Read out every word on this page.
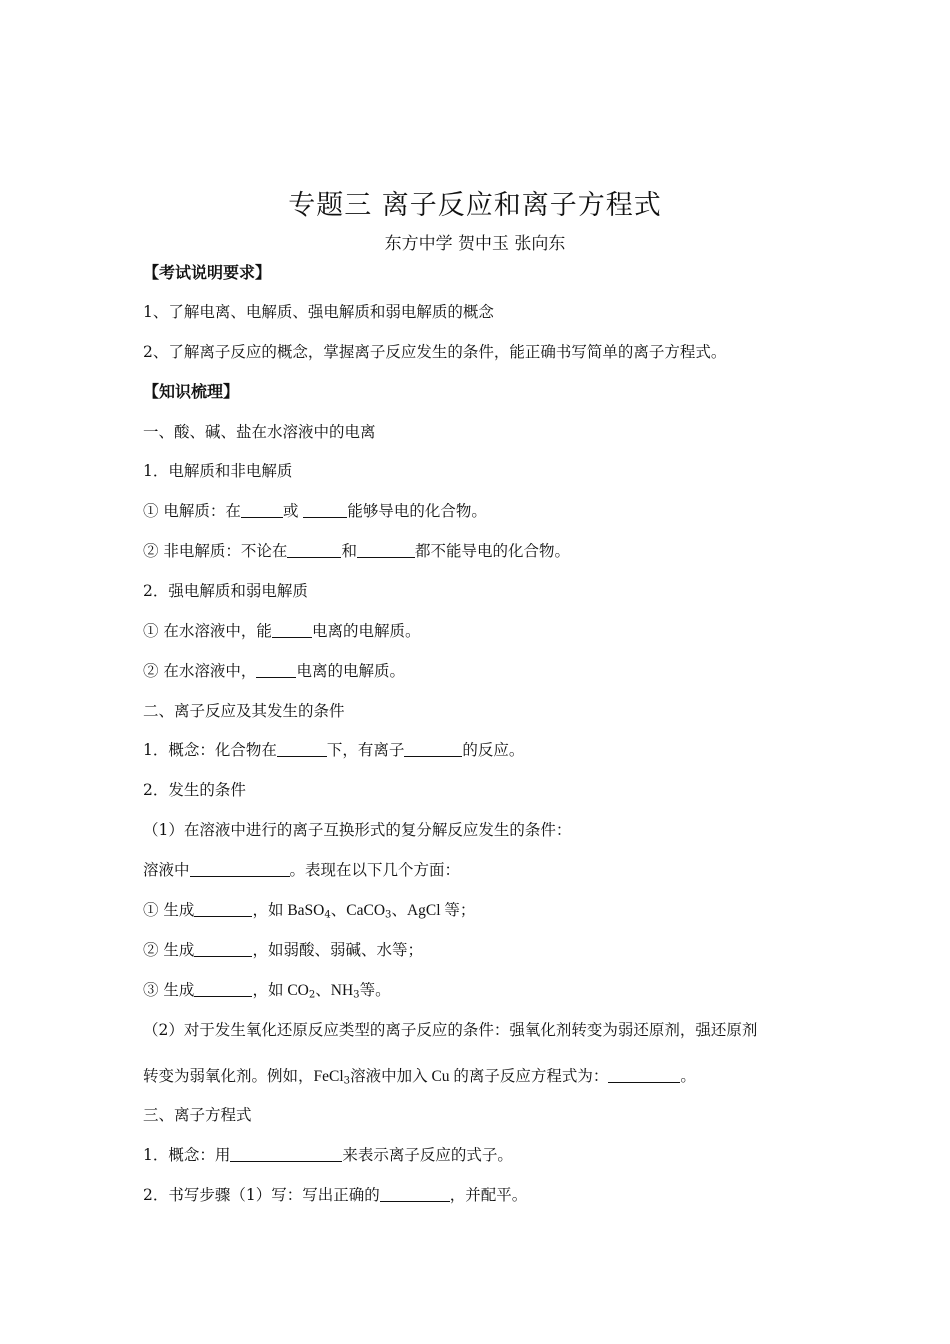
专题三 离子反应和离子方程式
东方中学 贺中玉 张向东
【考试说明要求】
1、了解电离、电解质、强电解质和弱电解质的概念
2、了解离子反应的概念，掌握离子反应发生的条件，能正确书写简单的离子方程式。
【知识梳理】
一、酸、碱、盐在水溶液中的电离
1．电解质和非电解质
① 电解质：在	或	能够导电的化合物。
② 非电解质：不论在	和	都不能导电的化合物。
2．强电解质和弱电解质
① 在水溶液中，能	电离的电解质。
② 在水溶液中，	电离的电解质。
二、离子反应及其发生的条件
1．概念：化合物在	下，有离子	的反应。
2．发生的条件
（1）在溶液中进行的离子互换形式的复分解反应发生的条件：
溶液中	。表现在以下几个方面：
① 生成	，如 BaSO$_4$、CaCO$_3$、AgCl 等；
② 生成	，如弱酸、弱碱、水等；
③ 生成	，如 $CO_2$、$NH_3$等。
（2）对于发生氧化还原反应类型的离子反应的条件：强氧化剂转变为弱还原剂，强还原剂
转变为弱氧化剂。例如，FeCl$_3$溶液中加入 Cu 的离子反应方程式为：	。
三、离子方程式
1．概念：用	来表示离子反应的式子。
2．书写步骤（1）写：写出正确的	，并配平。
